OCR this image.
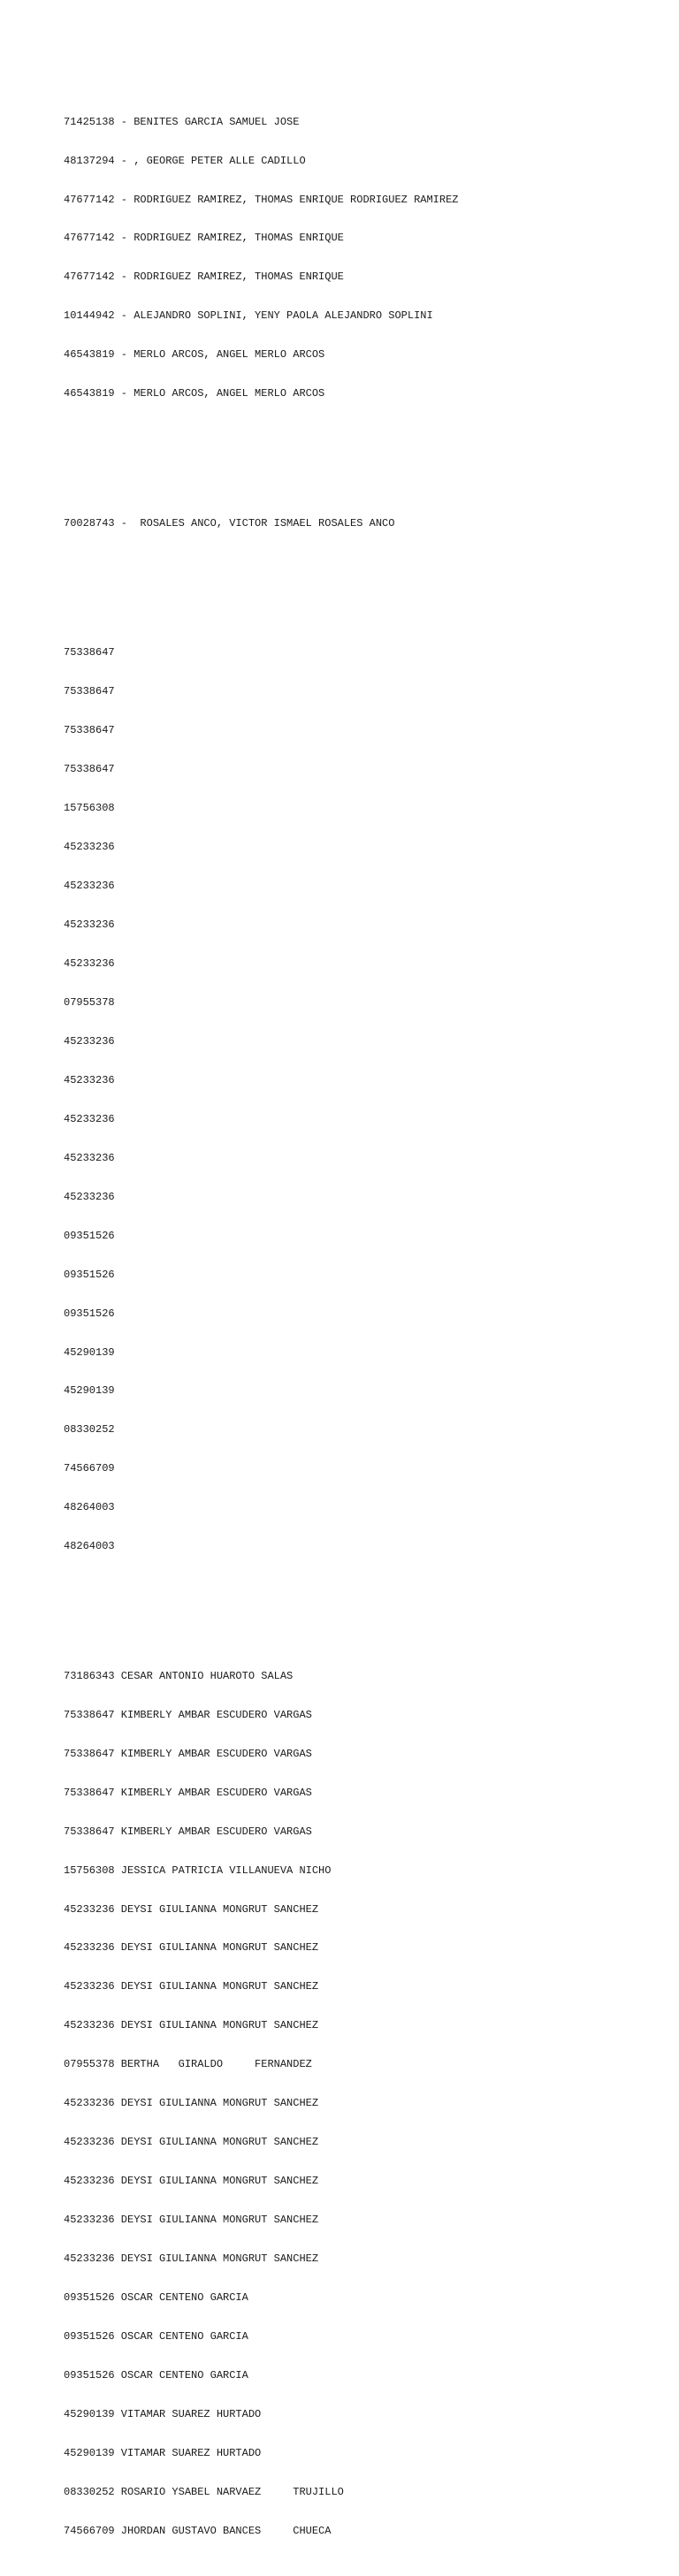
71425138 - BENITES GARCIA SAMUEL JOSE

48137294 - , GEORGE PETER ALLE CADILLO

47677142 - RODRIGUEZ RAMIREZ, THOMAS ENRIQUE RODRIGUEZ RAMIREZ

47677142 - RODRIGUEZ RAMIREZ, THOMAS ENRIQUE

47677142 - RODRIGUEZ RAMIREZ, THOMAS ENRIQUE

10144942 - ALEJANDRO SOPLINI, YENY PAOLA ALEJANDRO SOPLINI

46543819 - MERLO ARCOS, ANGEL MERLO ARCOS

46543819 - MERLO ARCOS, ANGEL MERLO ARCOS

70028743 -  ROSALES ANCO, VICTOR ISMAEL ROSALES ANCO

75338647

75338647

75338647

75338647

15756308

45233236

45233236

45233236

45233236

07955378

45233236

45233236

45233236

45233236

45233236

09351526

09351526

09351526

45290139

45290139

08330252

74566709

48264003

48264003

73186343 CESAR ANTONIO HUAROTO SALAS

75338647 KIMBERLY AMBAR ESCUDERO VARGAS

75338647 KIMBERLY AMBAR ESCUDERO VARGAS

75338647 KIMBERLY AMBAR ESCUDERO VARGAS

75338647 KIMBERLY AMBAR ESCUDERO VARGAS

15756308 JESSICA PATRICIA VILLANUEVA NICHO

45233236 DEYSI GIULIANNA MONGRUT SANCHEZ

45233236 DEYSI GIULIANNA MONGRUT SANCHEZ

45233236 DEYSI GIULIANNA MONGRUT SANCHEZ

45233236 DEYSI GIULIANNA MONGRUT SANCHEZ

07955378 BERTHA   GIRALDO     FERNANDEZ

45233236 DEYSI GIULIANNA MONGRUT SANCHEZ

45233236 DEYSI GIULIANNA MONGRUT SANCHEZ

45233236 DEYSI GIULIANNA MONGRUT SANCHEZ

45233236 DEYSI GIULIANNA MONGRUT SANCHEZ

45233236 DEYSI GIULIANNA MONGRUT SANCHEZ

09351526 OSCAR CENTENO GARCIA

09351526 OSCAR CENTENO GARCIA

09351526 OSCAR CENTENO GARCIA

45290139 VITAMAR SUAREZ HURTADO

45290139 VITAMAR SUAREZ HURTADO

08330252 ROSARIO YSABEL NARVAEZ     TRUJILLO

74566709 JHORDAN GUSTAVO BANCES     CHUECA
